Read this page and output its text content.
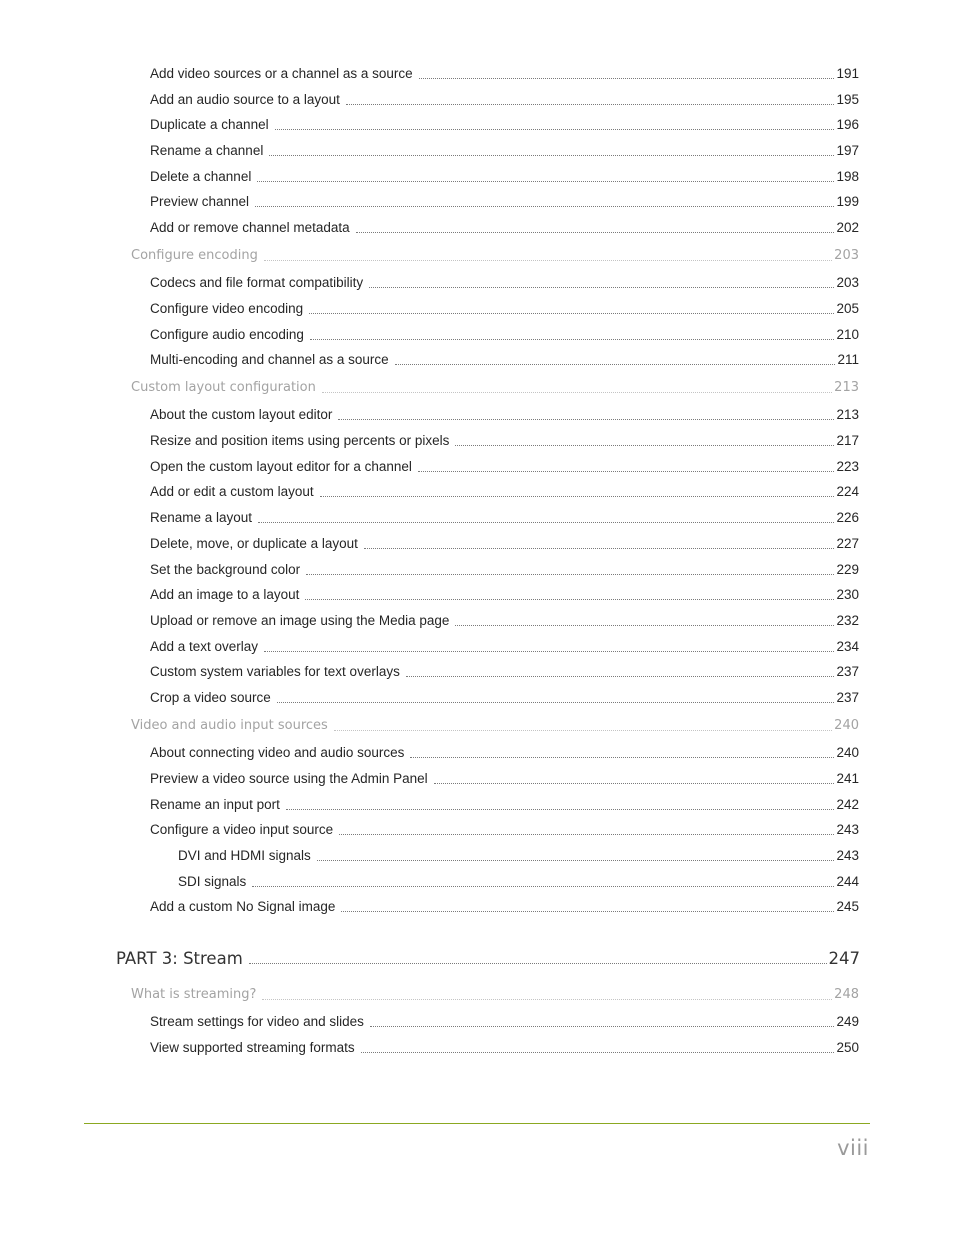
Add video sources or a channel as a source	191
Add an audio source to a layout	195
Duplicate a channel	196
Rename a channel	197
Delete a channel	198
Preview channel	199
Add or remove channel metadata	202
Configure encoding	203
Codecs and file format compatibility	203
Configure video encoding	205
Configure audio encoding	210
Multi-encoding and channel as a source	211
Custom layout configuration	213
About the custom layout editor	213
Resize and position items using percents or pixels	217
Open the custom layout editor for a channel	223
Add or edit a custom layout	224
Rename a layout	226
Delete, move, or duplicate a layout	227
Set the background color	229
Add an image to a layout	230
Upload or remove an image using the Media page	232
Add a text overlay	234
Custom system variables for text overlays	237
Crop a video source	237
Video and audio input sources	240
About connecting video and audio sources	240
Preview a video source using the Admin Panel	241
Rename an input port	242
Configure a video input source	243
DVI and HDMI signals	243
SDI signals	244
Add a custom No Signal image	245
PART 3: Stream	247
What is streaming?	248
Stream settings for video and slides	249
View supported streaming formats	250
viii
